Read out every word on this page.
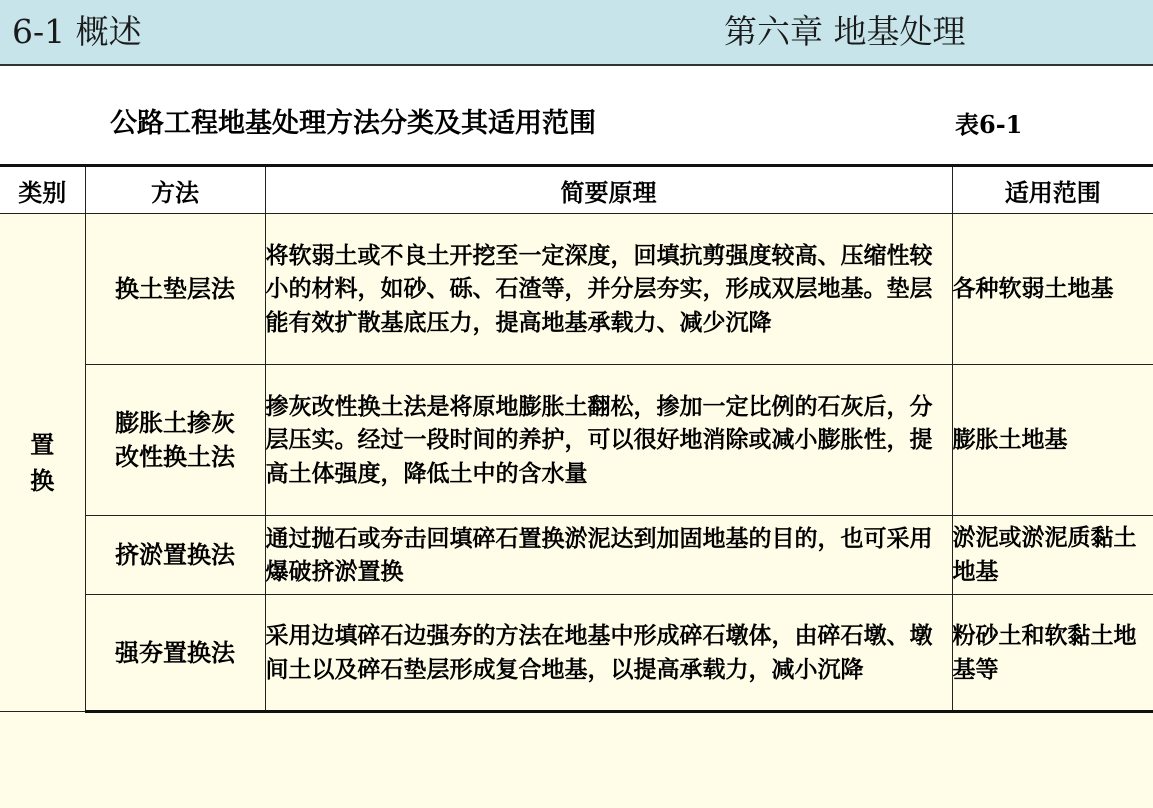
6-1 概述	第六章 地基处理
公路工程地基处理方法分类及其适用范围	表6-1
类别	方法	简要原理	适用范围
置换	换土垫层法	将软弱土或不良土开挖至一定深度，回填抗剪强度较高、压缩性较小的材料，如砂、砾、石渣等，并分层夯实，形成双层地基。垫层能有效扩散基底压力，提高地基承载力、减少沉降	各种软弱土地基
	膨胀土掺灰改性换土法	掺灰改性换土法是将原地膨胀土翻松，掺加一定比例的石灰后，分层压实。经过一段时间的养护，可以很好地消除或减小膨胀性，提高土体强度，降低土中的含水量	膨胀土地基
	挤淤置换法	通过抛石或夯击回填碎石置换淤泥达到加固地基的目的，也可采用爆破挤淤置换	淤泥或淤泥质黏土地基
	强夯置换法	采用边填碎石边强夯的方法在地基中形成碎石墩体，由碎石墩、墩间土以及碎石垫层形成复合地基，以提高承载力，减小沉降	粉砂土和软黏土地基等
